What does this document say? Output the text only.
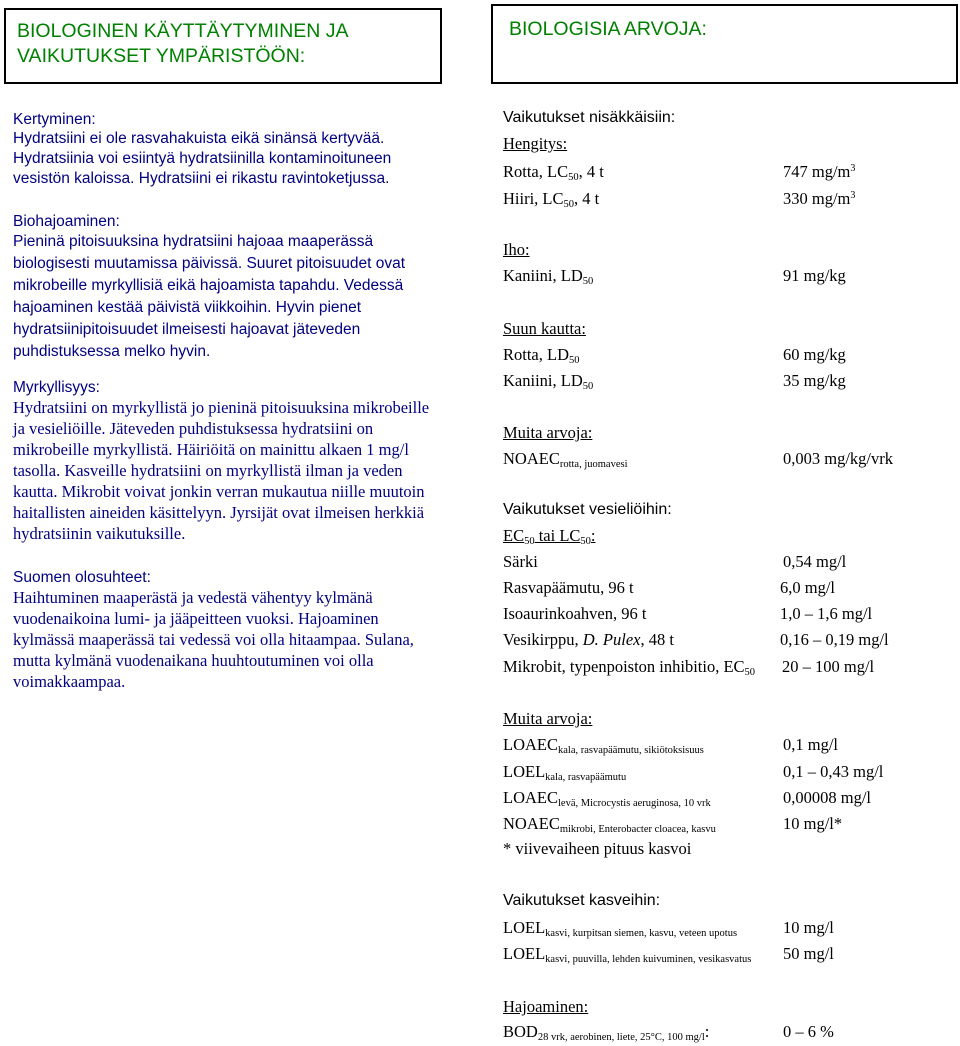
BIOLOGINEN KÄYTTÄYTYMINEN JA VAIKUTUKSET YMPÄRISTÖÖN:
BIOLOGISIA ARVOJA:

Kertyminen:

Hydratsiini ei ole rasvahakuista eikä sinänsä kertyvää. Hydratsiinia voi esiintyä hydratsiinilla kontaminoituneen vesistön kaloissa. Hydratsiini ei rikastu ravintoketjussa.

Biohajoaminen:

Pieninä pitoisuuksina hydratsiini hajoaa maaperässä biologisesti muutamissa päivissä. Suuret pitoisuudet ovat mikrobeille myrkyllisiä eikä hajoamista tapahdu. Vedessä hajoaminen kestää päivistä viikkoihin. Hyvin pienet hydratsiinipitoisuudet ilmeisesti hajoavat jäteveden puhdistuksessa melko hyvin.

Myrkyllisyys:

Hydratsiini on myrkyllistä jo pieninä pitoisuuksina mikrobeille ja vesieliöille. Jäteveden puhdistuksessa hydratsiini on mikrobeille myrkyllistä. Häiriöitä on mainittu alkaen 1 mg/l tasolla. Kasveille hydratsiini on myrkyllistä ilman ja veden kautta. Mikrobit voivat jonkin verran mukautua niille muutoin haitallisten aineiden käsittelyyn. Jyrsijät ovat ilmeisen herkkiä hydratsiinin vaikutuksille.

Suomen olosuhteet:

Haihtuminen maaperästä ja vedestä vähentyy kylmänä vuodenaikoina lumi- ja jääpeitteen vuoksi. Hajoaminen kylmässä maaperässä tai vedessä voi olla hitaampaa. Sulana, mutta kylmänä vuodenaikana huuhtoutuminen voi olla voimakkaampaa.

Vaikutukset nisäkkäisiin:
Hengitys:
Rotta, $LC_{50}$, 4 t	747 $mg/m^3$
Hiiri, $LC_{50}$, 4 t	330 $mg/m^3$
Iho:
Kaniini, $LD_{50}$	91 mg/kg
Suun kautta:
Rotta, $LD_{50}$	60 mg/kg
Kaniini, $LD_{50}$	35 mg/kg
Muita arvoja:
$NOAEC_{rotta, juomavesi}$	0,003 mg/kg/vrk
Vaikutukset vesieliöihin:
$EC_{50}$ tai $LC_{50}$:
Särki	0,54 mg/l
Rasvapäämutu, 96 t	6,0 mg/l
Isoaurinkoahven, 96 t	1,0 – 1,6 mg/l
Vesikirppu, D. Pulex, 48 t	0,16 – 0,19 mg/l
Mikrobit, typenpoiston inhibitio, $EC_{50}$ 20 – 100 mg/l
Muita arvoja:
$LOAEC_{kala, rasvapäämutu, sikiötoksisuus}$	0,1 mg/l
$LOEL_{kala, rasvapäämutu}$	0,1 – 0,43 mg/l
$LOAEC_{levä, Microcystis aeruginosa, 10 vrk}$	0,00008 mg/l
$NOAEC_{mikrobi, Enterobacter cloacea, kasvu}$	10 mg/l*
* viivevaiheen pituus kasvoi
Vaikutukset kasveihin:
$LOEL_{kasvi, kurpitsan siemen, kasvu, veteen upotus}$	10 mg/l
$LOEL_{kasvi, puuvilla, lehden kuivuminen, vesikasvatus}$ 50 mg/l
Hajoaminen:
$BOD_{28 vrk, aerobinen, liete, 25^\circ C, 100 mg/l}$:	0 – 6 %
